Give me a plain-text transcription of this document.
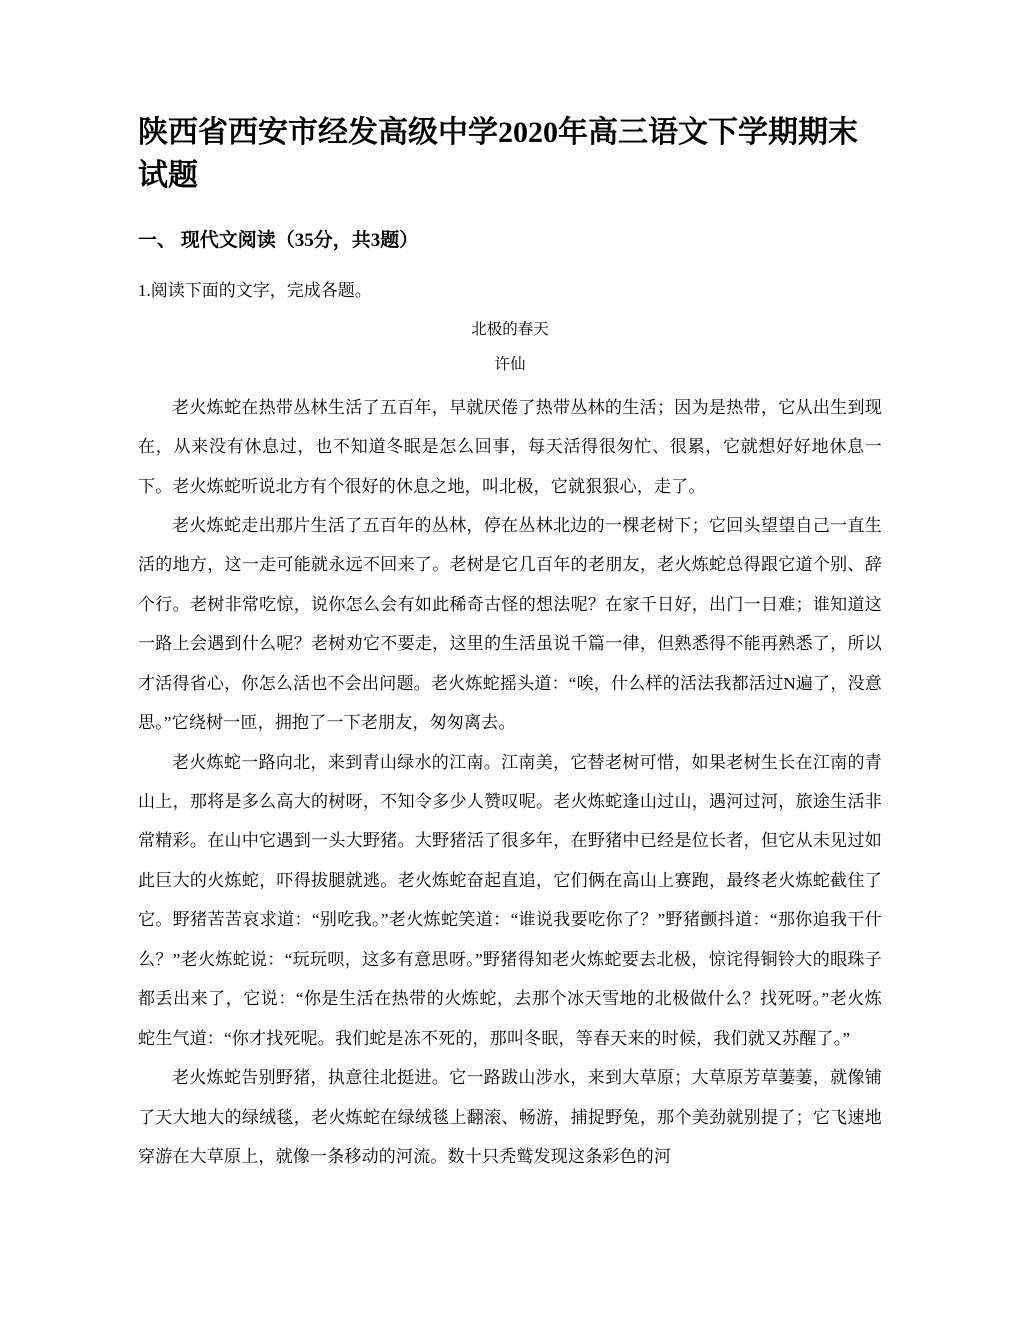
陕西省西安市经发高级中学2020年高三语文下学期期末试题
一、 现代文阅读（35分，共3题）

1.阅读下面的文字，完成各题。

北极的春天

许仙

老火炼蛇在热带丛林生活了五百年，早就厌倦了热带丛林的生活；因为是热带，它从出生到现在，从来没有休息过，也不知道冬眠是怎么回事，每天活得很匆忙、很累，它就想好好地休息一下。老火炼蛇听说北方有个很好的休息之地，叫北极，它就狠狠心，走了。

老火炼蛇走出那片生活了五百年的丛林，停在丛林北边的一棵老树下；它回头望望自己一直生活的地方，这一走可能就永远不回来了。老树是它几百年的老朋友，老火炼蛇总得跟它道个别、辞个行。老树非常吃惊，说你怎么会有如此稀奇古怪的想法呢？在家千日好，出门一日难；谁知道这一路上会遇到什么呢？老树劝它不要走，这里的生活虽说千篇一律，但熟悉得不能再熟悉了，所以才活得省心，你怎么活也不会出问题。老火炼蛇摇头道：“唉，什么样的活法我都活过N遍了，没意思。”它绕树一匝，拥抱了一下老朋友，匆匆离去。

老火炼蛇一路向北，来到青山绿水的江南。江南美，它替老树可惜，如果老树生长在江南的青山上，那将是多么高大的树呀，不知令多少人赞叹呢。老火炼蛇逢山过山，遇河过河，旅途生活非常精彩。在山中它遇到一头大野猪。大野猪活了很多年，在野猪中已经是位长者，但它从未见过如此巨大的火炼蛇，吓得拔腿就逃。老火炼蛇奋起直追，它们俩在高山上赛跑，最终老火炼蛇截住了它。野猪苦苦哀求道：“别吃我。”老火炼蛇笑道：“谁说我要吃你了？”野猪颤抖道：“那你追我干什么？”老火炼蛇说：“玩玩呗，这多有意思呀。”野猪得知老火炼蛇要去北极，惊诧得铜铃大的眼珠子都丢出来了，它说：“你是生活在热带的火炼蛇，去那个冰天雪地的北极做什么？找死呀。”老火炼蛇生气道：“你才找死呢。我们蛇是冻不死的，那叫冬眠，等春天来的时候，我们就又苏醒了。”

老火炼蛇告别野猪，执意往北挺进。它一路跋山涉水，来到大草原；大草原芳草萋萋，就像铺了天大地大的绿绒毯，老火炼蛇在绿绒毯上翻滚、畅游，捕捉野兔，那个美劲就别提了；它飞速地穿游在大草原上，就像一条移动的河流。数十只秃鹫发现这条彩色的河
